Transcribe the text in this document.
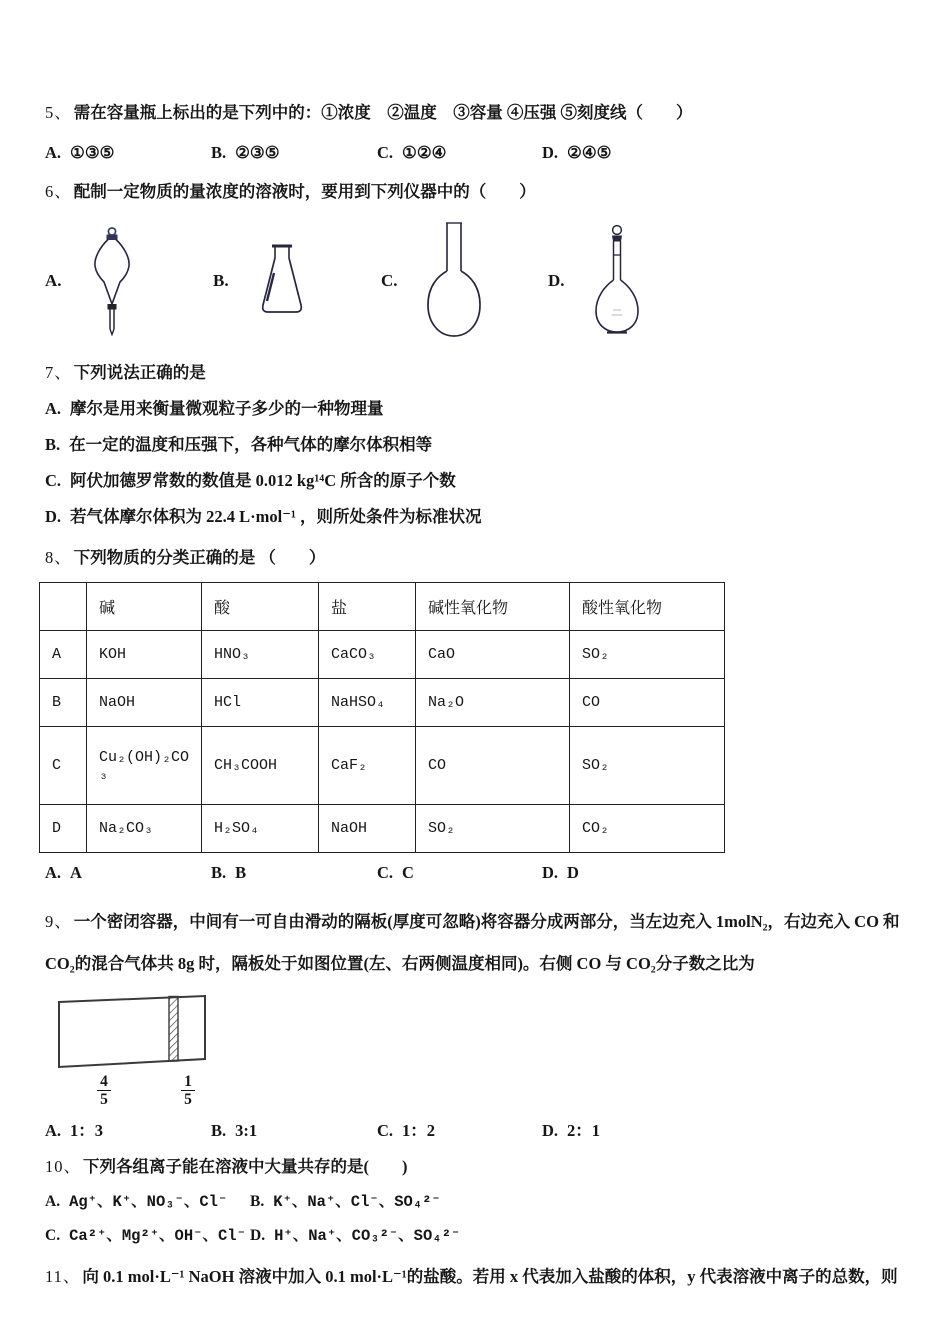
5、 需在容量瓶上标出的是下列中的：①浓度　②温度　③容量 ④压强 ⑤刻度线（　　）
A. ①③⑤	B. ②③⑤	C. ①②④	D. ②④⑤
6、 配制一定物质的量浓度的溶液时，要用到下列仪器中的（　　）
A.	B.	C.	D.
7、 下列说法正确的是
A. 摩尔是用来衡量微观粒子多少的一种物理量
B. 在一定的温度和压强下，各种气体的摩尔体积相等
C. 阿伏加德罗常数的数值是 0.012 kg¹⁴C 所含的原子个数
D. 若气体摩尔体积为 22.4 L·mol⁻¹ ，则所处条件为标准状况
8、 下列物质的分类正确的是 （　　）
	碱	酸	盐	碱性氧化物	酸性氧化物
A	KOH	HNO₃	CaCO₃	CaO	SO₂
B	NaOH	HCl	NaHSO₄	Na₂O	CO
C	Cu₂(OH)₂CO ₃	CH₃COOH	CaF₂	CO	SO₂
D	Na₂CO₃	H₂SO₄	NaOH	SO₂	CO₂
A. A	B. B	C. C	D. D
9、 一个密闭容器，中间有一可自由滑动的隔板(厚度可忽略)将容器分成两部分，当左边充入 1molN₂，右边充入 CO 和
CO₂的混合气体共 8g 时，隔板处于如图位置(左、右两侧温度相同)。右侧 CO 与 CO₂分子数之比为
$\frac{4}{5}$	$\frac{1}{5}$
A. 1：3	B. 3:1	C. 1：2	D. 2：1
10、 下列各组离子能在溶液中大量共存的是(　　)
A. Ag⁺、K⁺、NO₃⁻、Cl⁻	B. K⁺、Na⁺、Cl⁻、SO₄²⁻
C. Ca²⁺、Mg²⁺、OH⁻、Cl⁻ D. H⁺、Na⁺、CO₃²⁻、SO₄²⁻
11、 向 0.1 mol·L⁻¹ NaOH 溶液中加入 0.1 mol·L⁻¹的盐酸。若用 x 代表加入盐酸的体积，y 代表溶液中离子的总数，则
